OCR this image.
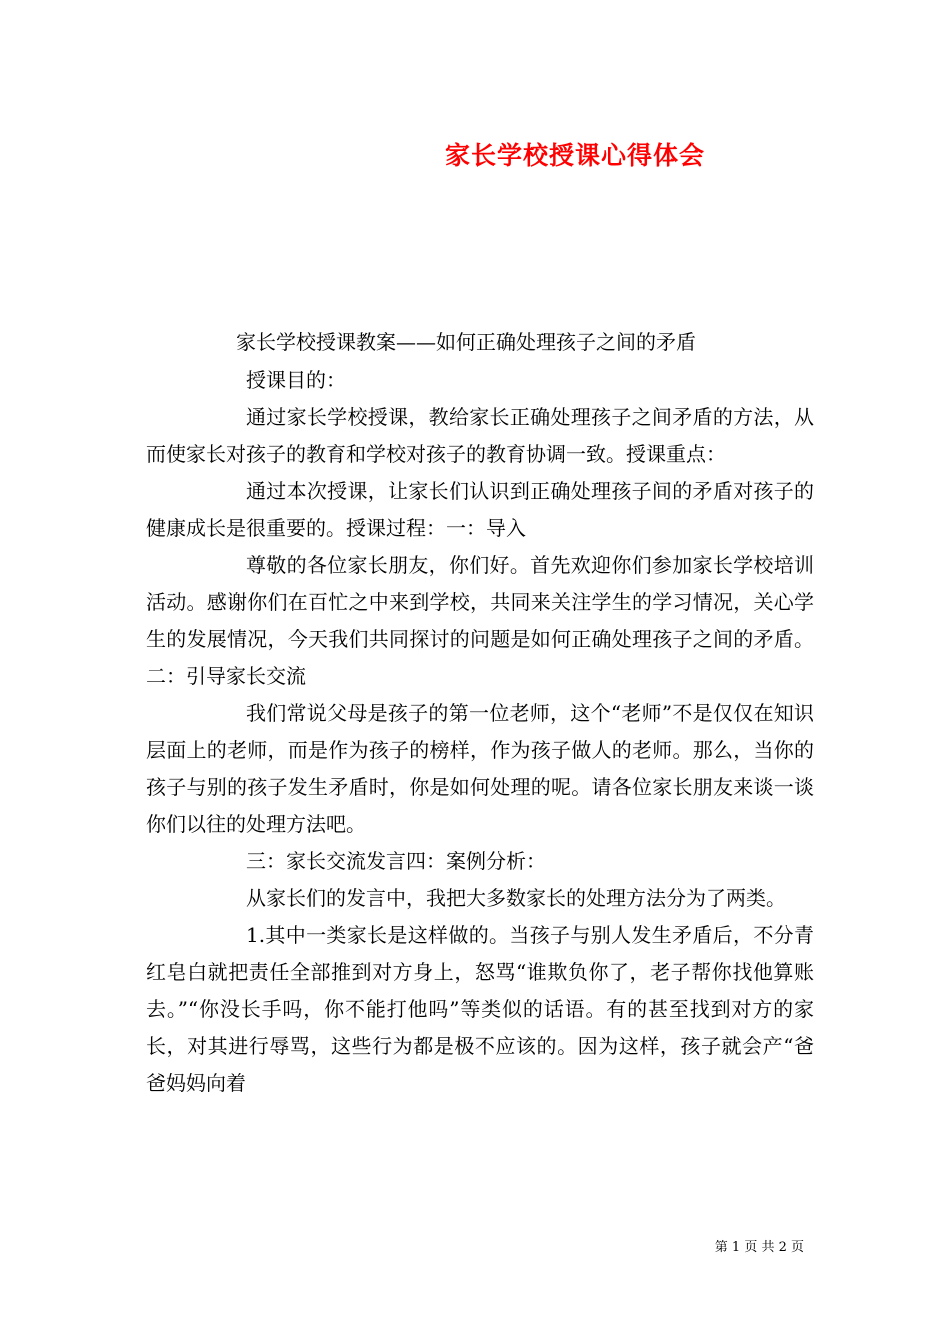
家长学校授课心得体会
家长学校授课教案——如何正确处理孩子之间的矛盾

授课目的：

通过家长学校授课，教给家长正确处理孩子之间矛盾的方法，从而使家长对孩子的教育和学校对孩子的教育协调一致。授课重点：

通过本次授课，让家长们认识到正确处理孩子间的矛盾对孩子的健康成长是很重要的。授课过程：一：导入

尊敬的各位家长朋友，你们好。首先欢迎你们参加家长学校培训活动。感谢你们在百忙之中来到学校，共同来关注学生的学习情况，关心学生的发展情况，今天我们共同探讨的问题是如何正确处理孩子之间的矛盾。二：引导家长交流

我们常说父母是孩子的第一位老师，这个“老师”不是仅仅在知识层面上的老师，而是作为孩子的榜样，作为孩子做人的老师。那么，当你的孩子与别的孩子发生矛盾时，你是如何处理的呢。请各位家长朋友来谈一谈你们以往的处理方法吧。

三：家长交流发言四：案例分析：

从家长们的发言中，我把大多数家长的处理方法分为了两类。

1.其中一类家长是这样做的。当孩子与别人发生矛盾后，不分青红皂白就把责任全部推到对方身上，怒骂“谁欺负你了，老子帮你找他算账去。”“你没长手吗，你不能打他吗”等类似的话语。有的甚至找到对方的家长，对其进行辱骂，这些行为都是极不应该的。因为这样，孩子就会产“爸爸妈妈向着

第 1 页 共 2 页
